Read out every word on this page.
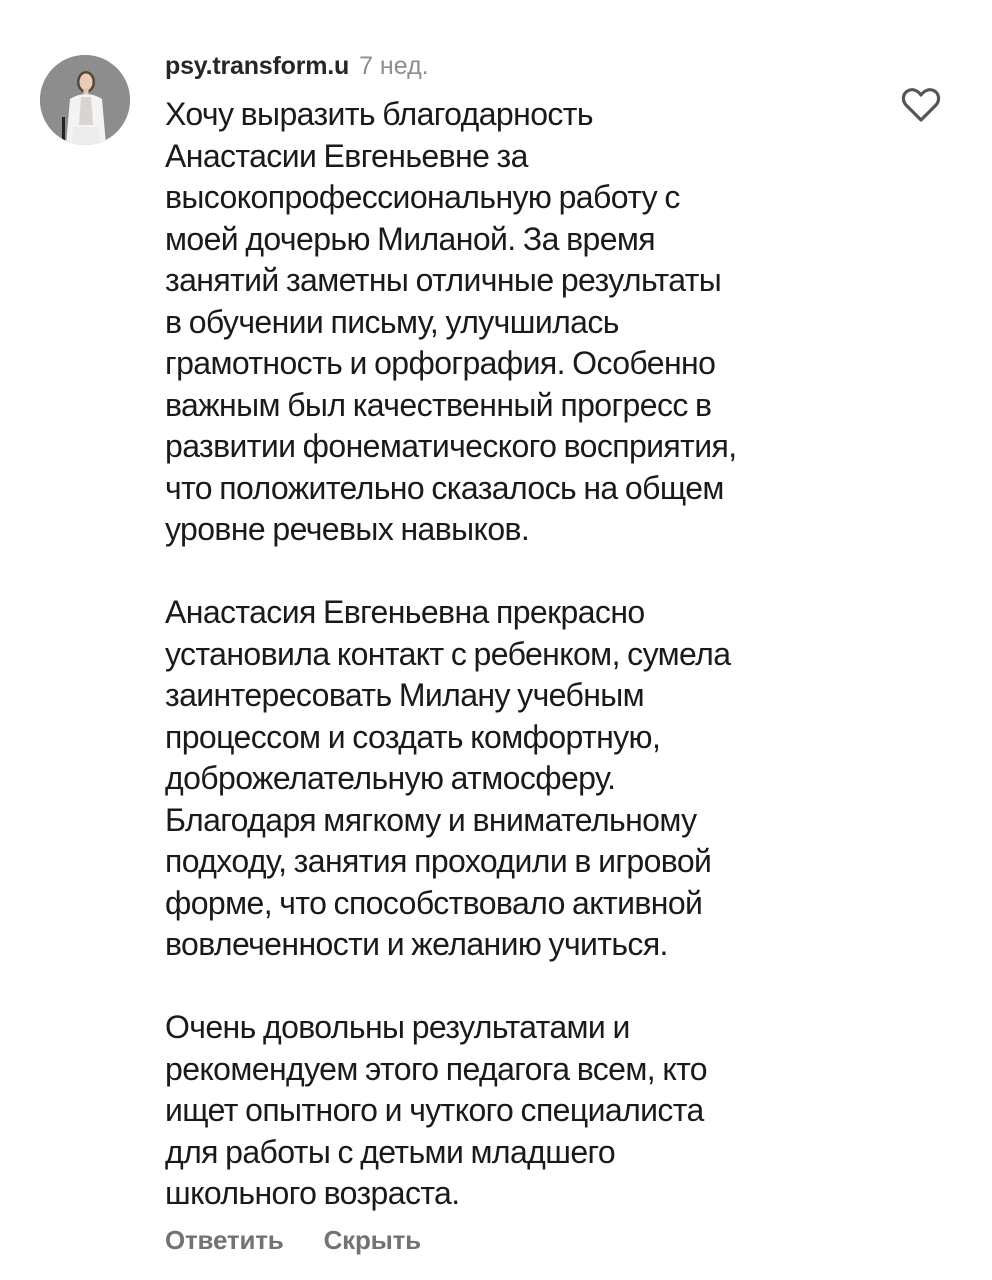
psy.transform.u 7 нед.

Хочу выразить благодарность
Анастасии Евгеньевне за
высокопрофессиональную работу с
моей дочерью Миланой. За время
занятий заметны отличные результаты
в обучении письму, улучшилась
грамотность и орфография. Особенно
важным был качественный прогресс в
развитии фонематического восприятия,
что положительно сказалось на общем
уровне речевых навыков.

Анастасия Евгеньевна прекрасно
установила контакт с ребенком, сумела
заинтересовать Милану учебным
процессом и создать комфортную,
доброжелательную атмосферу.
Благодаря мягкому и внимательному
подходу, занятия проходили в игровой
форме, что способствовало активной
вовлеченности и желанию учиться.

Очень довольны результатами и
рекомендуем этого педагога всем, кто
ищет опытного и чуткого специалиста
для работы с детьми младшего
школьного возраста.

Ответить Скрыть
